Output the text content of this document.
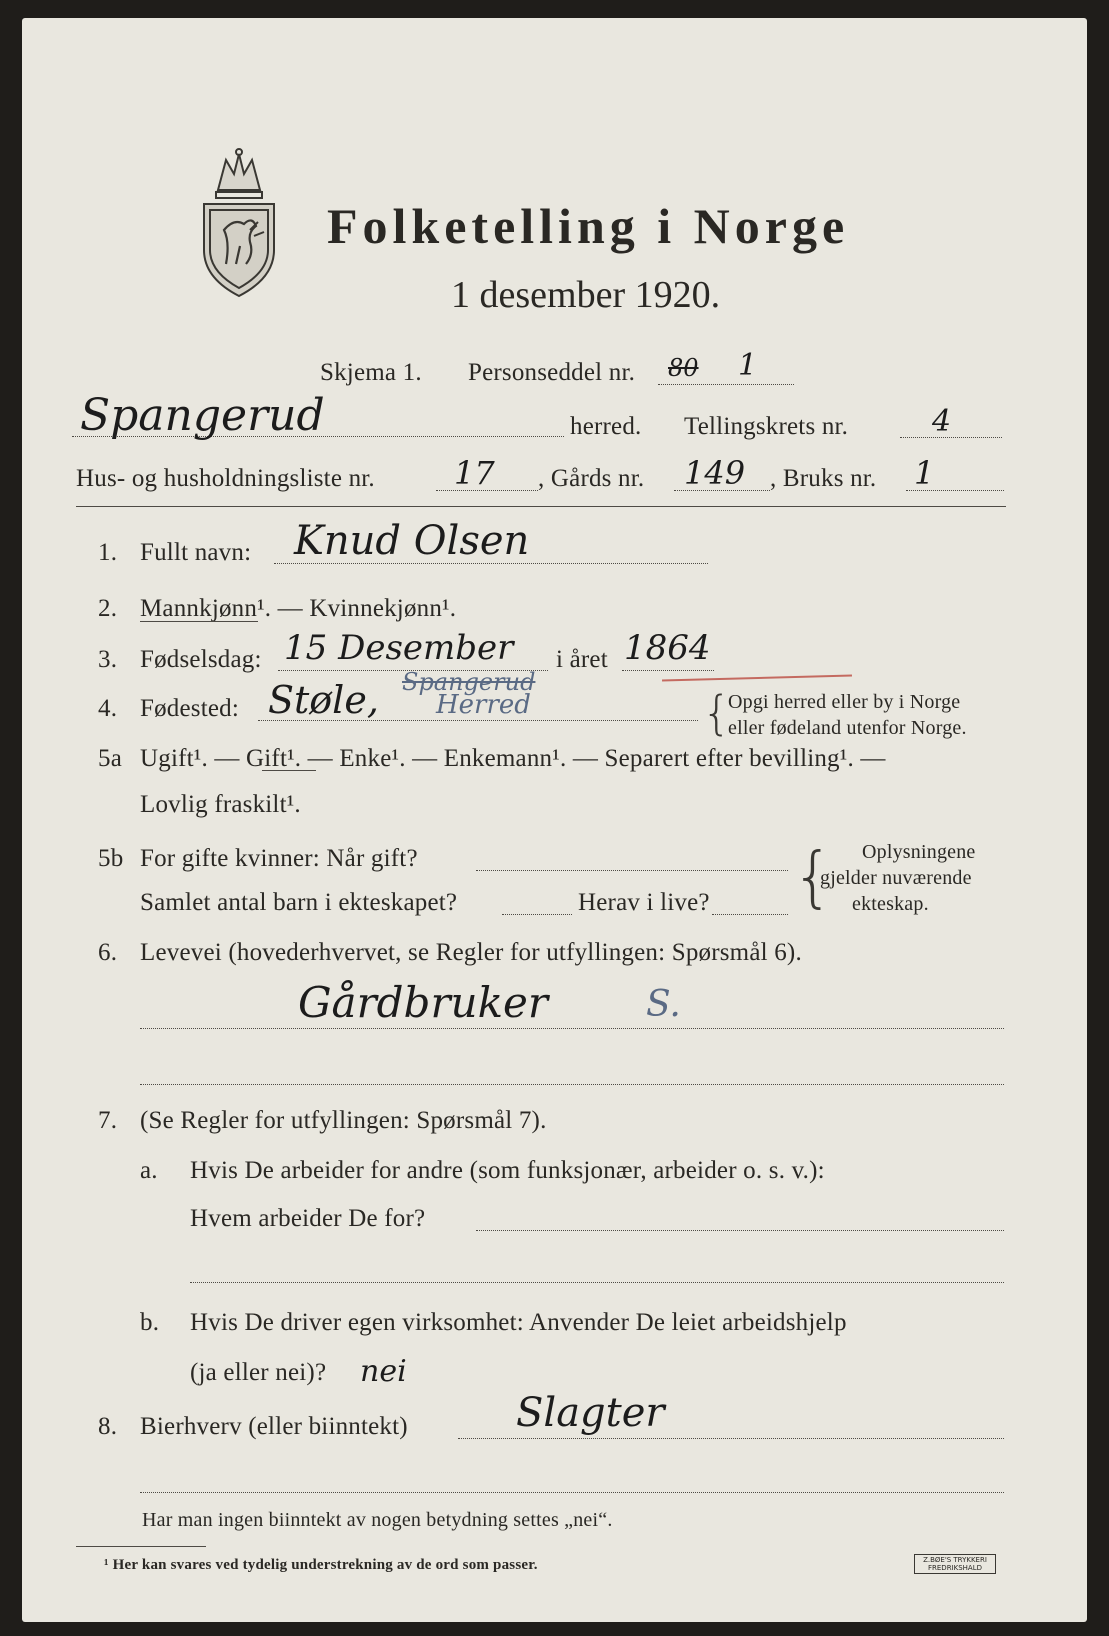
Folketelling i Norge
1 desember 1920.
Skjema 1. Personseddel nr. 80 1
Spangerud	herred. Tellingskrets nr.	4
Hus- og husholdningsliste nr. 17 , Gårds nr. 149 , Bruks nr. 1
1. Fullt navn: Knud Olsen
2. Mannkjønn¹. — Kvinnekjønn¹.
3. Fødselsdag: 15 Desember i året 1864
4. Fødested: Støle, Spangerud
Herred	{
Opgi herred eller by i Norge
eller fødeland utenfor Norge.
5a Ugift¹. — Gift¹. — Enke¹. — Enkemann¹. — Separert efter bevilling¹. —
Lovlig fraskilt¹.
5b For gifte kvinner: Når gift?
Samlet antal barn i ekteskapet?	Herav i live? { Oplysningene
gjelder nuværende
ekteskap.
6. Levevei (hovederhvervet, se Regler for utfyllingen: Spørsmål 6).
Gårdbruker	S.
7. (Se Regler for utfyllingen: Spørsmål 7).
a. Hvis De arbeider for andre (som funksjonær, arbeider o. s. v.):
Hvem arbeider De for?
b. Hvis De driver egen virksomhet: Anvender De leiet arbeidshjelp
(ja eller nei)? nei
8. Bierhverv (eller biinntekt)	Slagter
Har man ingen biinntekt av nogen betydning settes „nei“.
¹ Her kan svares ved tydelig understrekning av de ord som passer.	Z.BØE'S TRYKKERI FREDRIKSHALD
